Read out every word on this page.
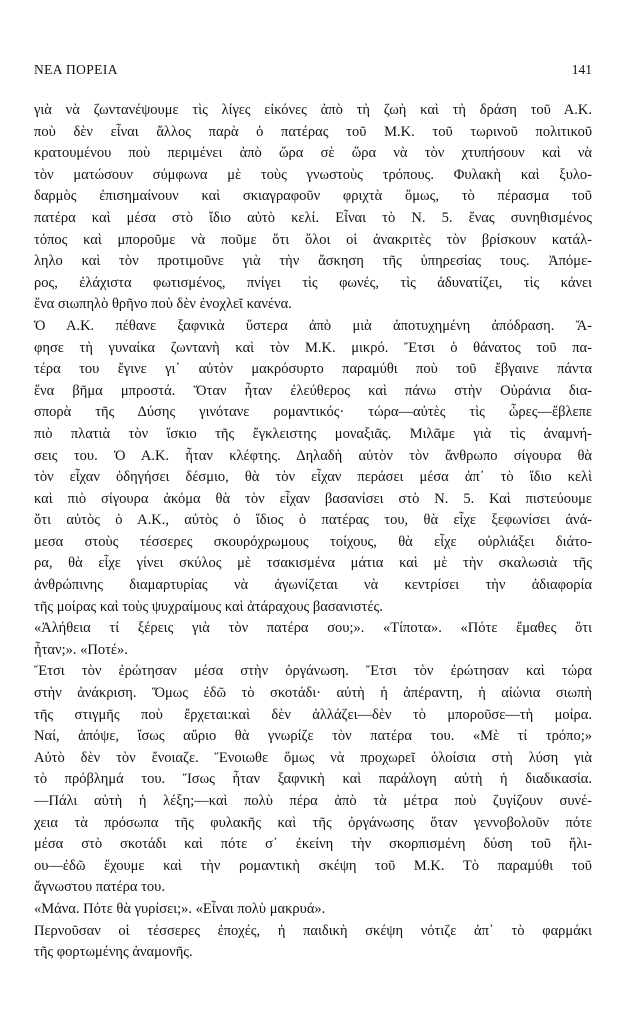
ΝΕΑ ΠΟΡΕΙΑ	141
γιὰ νὰ ζωντανέψουμε τὶς λίγες εἰκόνες ἀπὸ τὴ ζωὴ καὶ τὴ δράση τοῦ Α.Κ.
ποὺ δὲν εἶναι ἄλλος παρὰ ὁ πατέρας τοῦ Μ.Κ. τοῦ τωρινοῦ πολιτικοῦ
κρατουμένου ποὺ περιμένει ἀπὸ ὥρα σὲ ὥρα νὰ τὸν χτυπήσουν καὶ νὰ
τὸν ματώσουν σύμφωνα μὲ τοὺς γνωστοὺς τρόπους. Φυλακὴ καὶ ξυλο-
δαρμὸς ἐπισημαίνουν καὶ σκιαγραφοῦν φριχτὰ ὅμως, τὸ πέρασμα τοῦ
πατέρα καὶ μέσα στὸ ἴδιο αὐτὸ κελί. Εἶναι τὸ Ν. 5. ἕνας συνηθισμένος
τόπος καὶ μποροῦμε νὰ ποῦμε ὅτι ὅλοι οἱ ἀνακριτὲς τὸν βρίσκουν κατάλ-
ληλο καὶ τὸν προτιμοῦνε γιὰ τὴν ἄσκηση τῆς ὑπηρεσίας τους. Ἀπόμε-
ρος, ἐλάχιστα φωτισμένος, πνίγει τὶς φωνές, τὶς ἀδυνατίζει, τὶς κάνει
ἕνα σιωπηλὸ θρῆνο ποὺ δὲν ἐνοχλεῖ κανένα.
Ὁ Α.Κ. πέθανε ξαφνικὰ ὕστερα ἀπὸ μιὰ ἀποτυχημένη ἀπόδραση. Ἄ-
φησε τὴ γυναίκα ζωντανὴ καὶ τὸν Μ.Κ. μικρό. Ἔτσι ὁ θάνατος τοῦ πα-
τέρα του ἔγινε γι᾽ αὐτὸν μακρόσυρτο παραμύθι ποὺ τοῦ ἔβγαινε πάντα
ἕνα βῆμα μπροστά. Ὅταν ἦταν ἐλεύθερος καὶ πάνω στὴν Οὐράνια δια-
σπορὰ τῆς Δύσης γινότανε ρομαντικός· τώρα—αὐτὲς τὶς ὧρες—ἔβλεπε
πιὸ πλατιὰ τὸν ἴσκιο τῆς ἔγκλειστης μοναξιᾶς. Μιλᾶμε γιὰ τὶς ἀναμνή-
σεις του. Ὁ Α.Κ. ἦταν κλέφτης. Δηλαδὴ αὐτὸν τὸν ἄνθρωπο σίγουρα θὰ
τὸν εἶχαν ὁδηγήσει δέσμιο, θὰ τὸν εἶχαν περάσει μέσα ἀπ᾽ τὸ ἴδιο κελὶ
καὶ πιὸ σίγουρα ἀκόμα θὰ τὸν εἶχαν βασανίσει στὸ Ν. 5. Καὶ πιστεύουμε
ὅτι αὐτὸς ὁ Α.Κ., αὐτὸς ὁ ἴδιος ὁ πατέρας του, θὰ εἶχε ξεφωνίσει ἀνά-
μεσα στοὺς τέσσερες σκουρόχρωμους τοίχους, θὰ εἶχε οὐρλιάξει διάτο-
ρα, θὰ εἶχε γίνει σκύλος μὲ τσακισμένα μάτια καὶ μὲ τὴν σκαλωσιὰ τῆς
ἀνθρώπινης διαμαρτυρίας νὰ ἀγωνίζεται νὰ κεντρίσει τὴν ἀδιαφορία
τῆς μοίρας καὶ τοὺς ψυχραίμους καὶ ἀτάραχους βασανιστές.
«Ἀλήθεια τί ξέρεις γιὰ τὸν πατέρα σου;». «Τίποτα». «Πότε ἔμαθες ὅτι
ἦταν;». «Ποτέ».
Ἔτσι τὸν ἐρώτησαν μέσα στὴν ὀργάνωση. Ἔτσι τὸν ἐρώτησαν καὶ τώρα
στὴν ἀνάκριση. Ὅμως ἐδῶ τὸ σκοτάδι· αὐτὴ ἡ ἀπέραντη, ἡ αἰώνια σιωπὴ
τῆς στιγμῆς ποὺ ἔρχεται:καὶ δὲν ἀλλάζει—δὲν τὸ μποροῦσε—τὴ μοίρα.
Ναί, ἀπόψε, ἴσως αὔριο θὰ γνωρίζε τὸν πατέρα του. «Μὲ τί τρόπο;»
Αὐτὸ δὲν τὸν ἔνοιαζε. Ἔνοιωθε ὅμως νὰ προχωρεῖ ὁλοίσια στὴ λύση γιὰ
τὸ πρόβλημά του. Ἴσως ἦταν ξαφνικὴ καὶ παράλογη αὐτὴ ἡ διαδικασία.
—Πάλι αὐτὴ ἡ λέξη;—καὶ πολὺ πέρα ἀπὸ τὰ μέτρα ποὺ ζυγίζουν συνέ-
χεια τὰ πρόσωπα τῆς φυλακῆς καὶ τῆς ὀργάνωσης ὅταν γεννοβολοῦν πότε
μέσα στὸ σκοτάδι καὶ πότε σ᾽ ἐκείνη τὴν σκορπισμένη δύση τοῦ ἥλι-
ου—ἐδῶ ἔχουμε καὶ τὴν ρομαντικὴ σκέψη τοῦ Μ.Κ. Τὸ παραμύθι τοῦ
ἄγνωστου πατέρα του.
«Μάνα. Πότε θὰ γυρίσει;». «Εἶναι πολὺ μακρυά».
Περνοῦσαν οἱ τέσσερες ἐποχές, ἡ παιδικὴ σκέψη νότιζε ἀπ᾽ τὸ φαρμάκι
τῆς φορτωμένης ἀναμονῆς.
